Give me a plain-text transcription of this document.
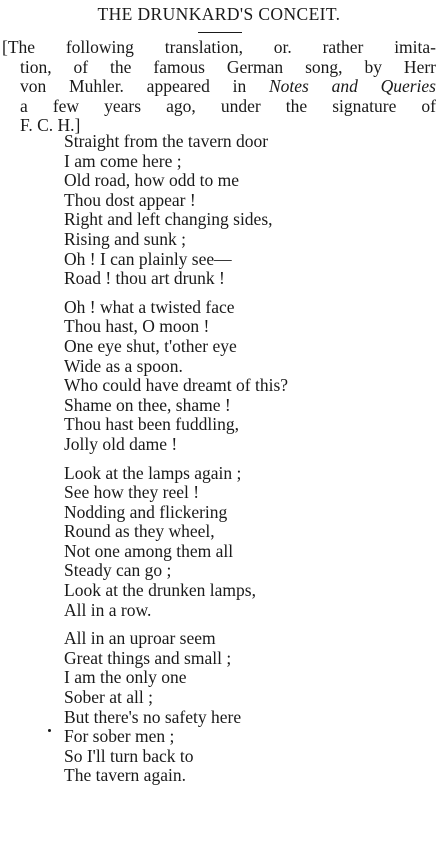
THE DRUNKARD'S CONCEIT.
[The following translation, or. rather imita-
tion, of the famous German song, by Herr
von Muhler. appeared in Notes and Queries
a few years ago, under the signature of
F. C. H.]
Straight from the tavern door
I am come here ;
Old road, how odd to me
Thou dost appear !
Right and left changing sides,
Rising and sunk ;
Oh ! I can plainly see—
Road ! thou art drunk !
Oh ! what a twisted face
Thou hast, O moon !
One eye shut, t'other eye
Wide as a spoon.
Who could have dreamt of this?
Shame on thee, shame !
Thou hast been fuddling,
Jolly old dame !
Look at the lamps again ;
See how they reel !
Nodding and flickering
Round as they wheel,
Not one among them all
Steady can go ;
Look at the drunken lamps,
All in a row.
All in an uproar seem
Great things and small ;
I am the only one
Sober at all ;
But there's no safety here
For sober men ;
So I'll turn back to
The tavern again.
